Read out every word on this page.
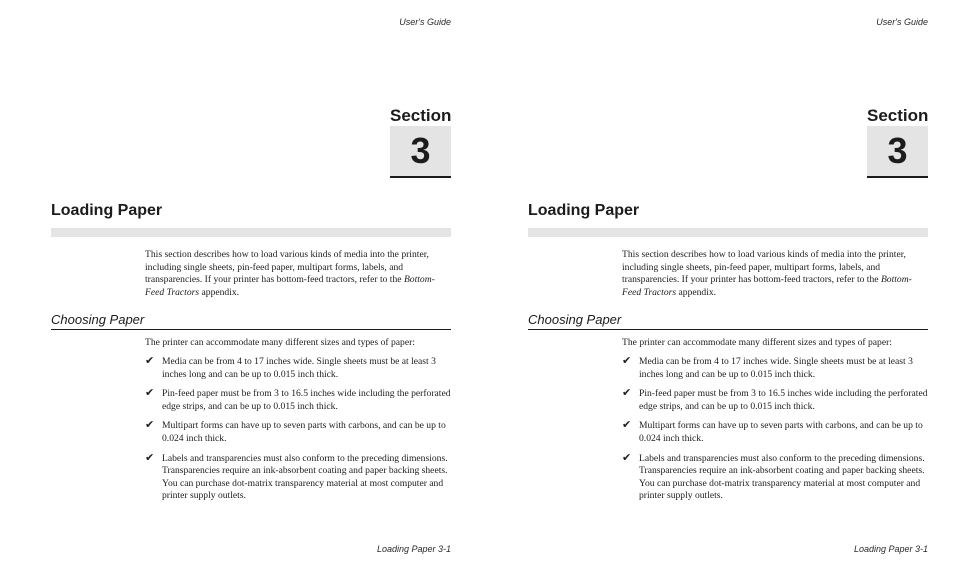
User's Guide
Section
3
Loading Paper
This section describes how to load various kinds of media into the printer, including single sheets, pin-feed paper, multipart forms, labels, and transparencies. If your printer has bottom-feed tractors, refer to the Bottom-Feed Tractors appendix.
Choosing Paper
The printer can accommodate many different sizes and types of paper:
✔ Media can be from 4 to 17 inches wide. Single sheets must be at least 3 inches long and can be up to 0.015 inch thick.
✔ Pin-feed paper must be from 3 to 16.5 inches wide including the perforated edge strips, and can be up to 0.015 inch thick.
✔ Multipart forms can have up to seven parts with carbons, and can be up to 0.024 inch thick.
✔ Labels and transparencies must also conform to the preceding dimensions. Transparencies require an ink-absorbent coating and paper backing sheets. You can purchase dot-matrix transparency material at most computer and printer supply outlets.
Loading Paper 3-1
User's Guide
Section
3
Loading Paper
This section describes how to load various kinds of media into the printer, including single sheets, pin-feed paper, multipart forms, labels, and transparencies. If your printer has bottom-feed tractors, refer to the Bottom-Feed Tractors appendix.
Choosing Paper
The printer can accommodate many different sizes and types of paper:
✔ Media can be from 4 to 17 inches wide. Single sheets must be at least 3 inches long and can be up to 0.015 inch thick.
✔ Pin-feed paper must be from 3 to 16.5 inches wide including the perforated edge strips, and can be up to 0.015 inch thick.
✔ Multipart forms can have up to seven parts with carbons, and can be up to 0.024 inch thick.
✔ Labels and transparencies must also conform to the preceding dimensions. Transparencies require an ink-absorbent coating and paper backing sheets. You can purchase dot-matrix transparency material at most computer and printer supply outlets.
Loading Paper 3-1
